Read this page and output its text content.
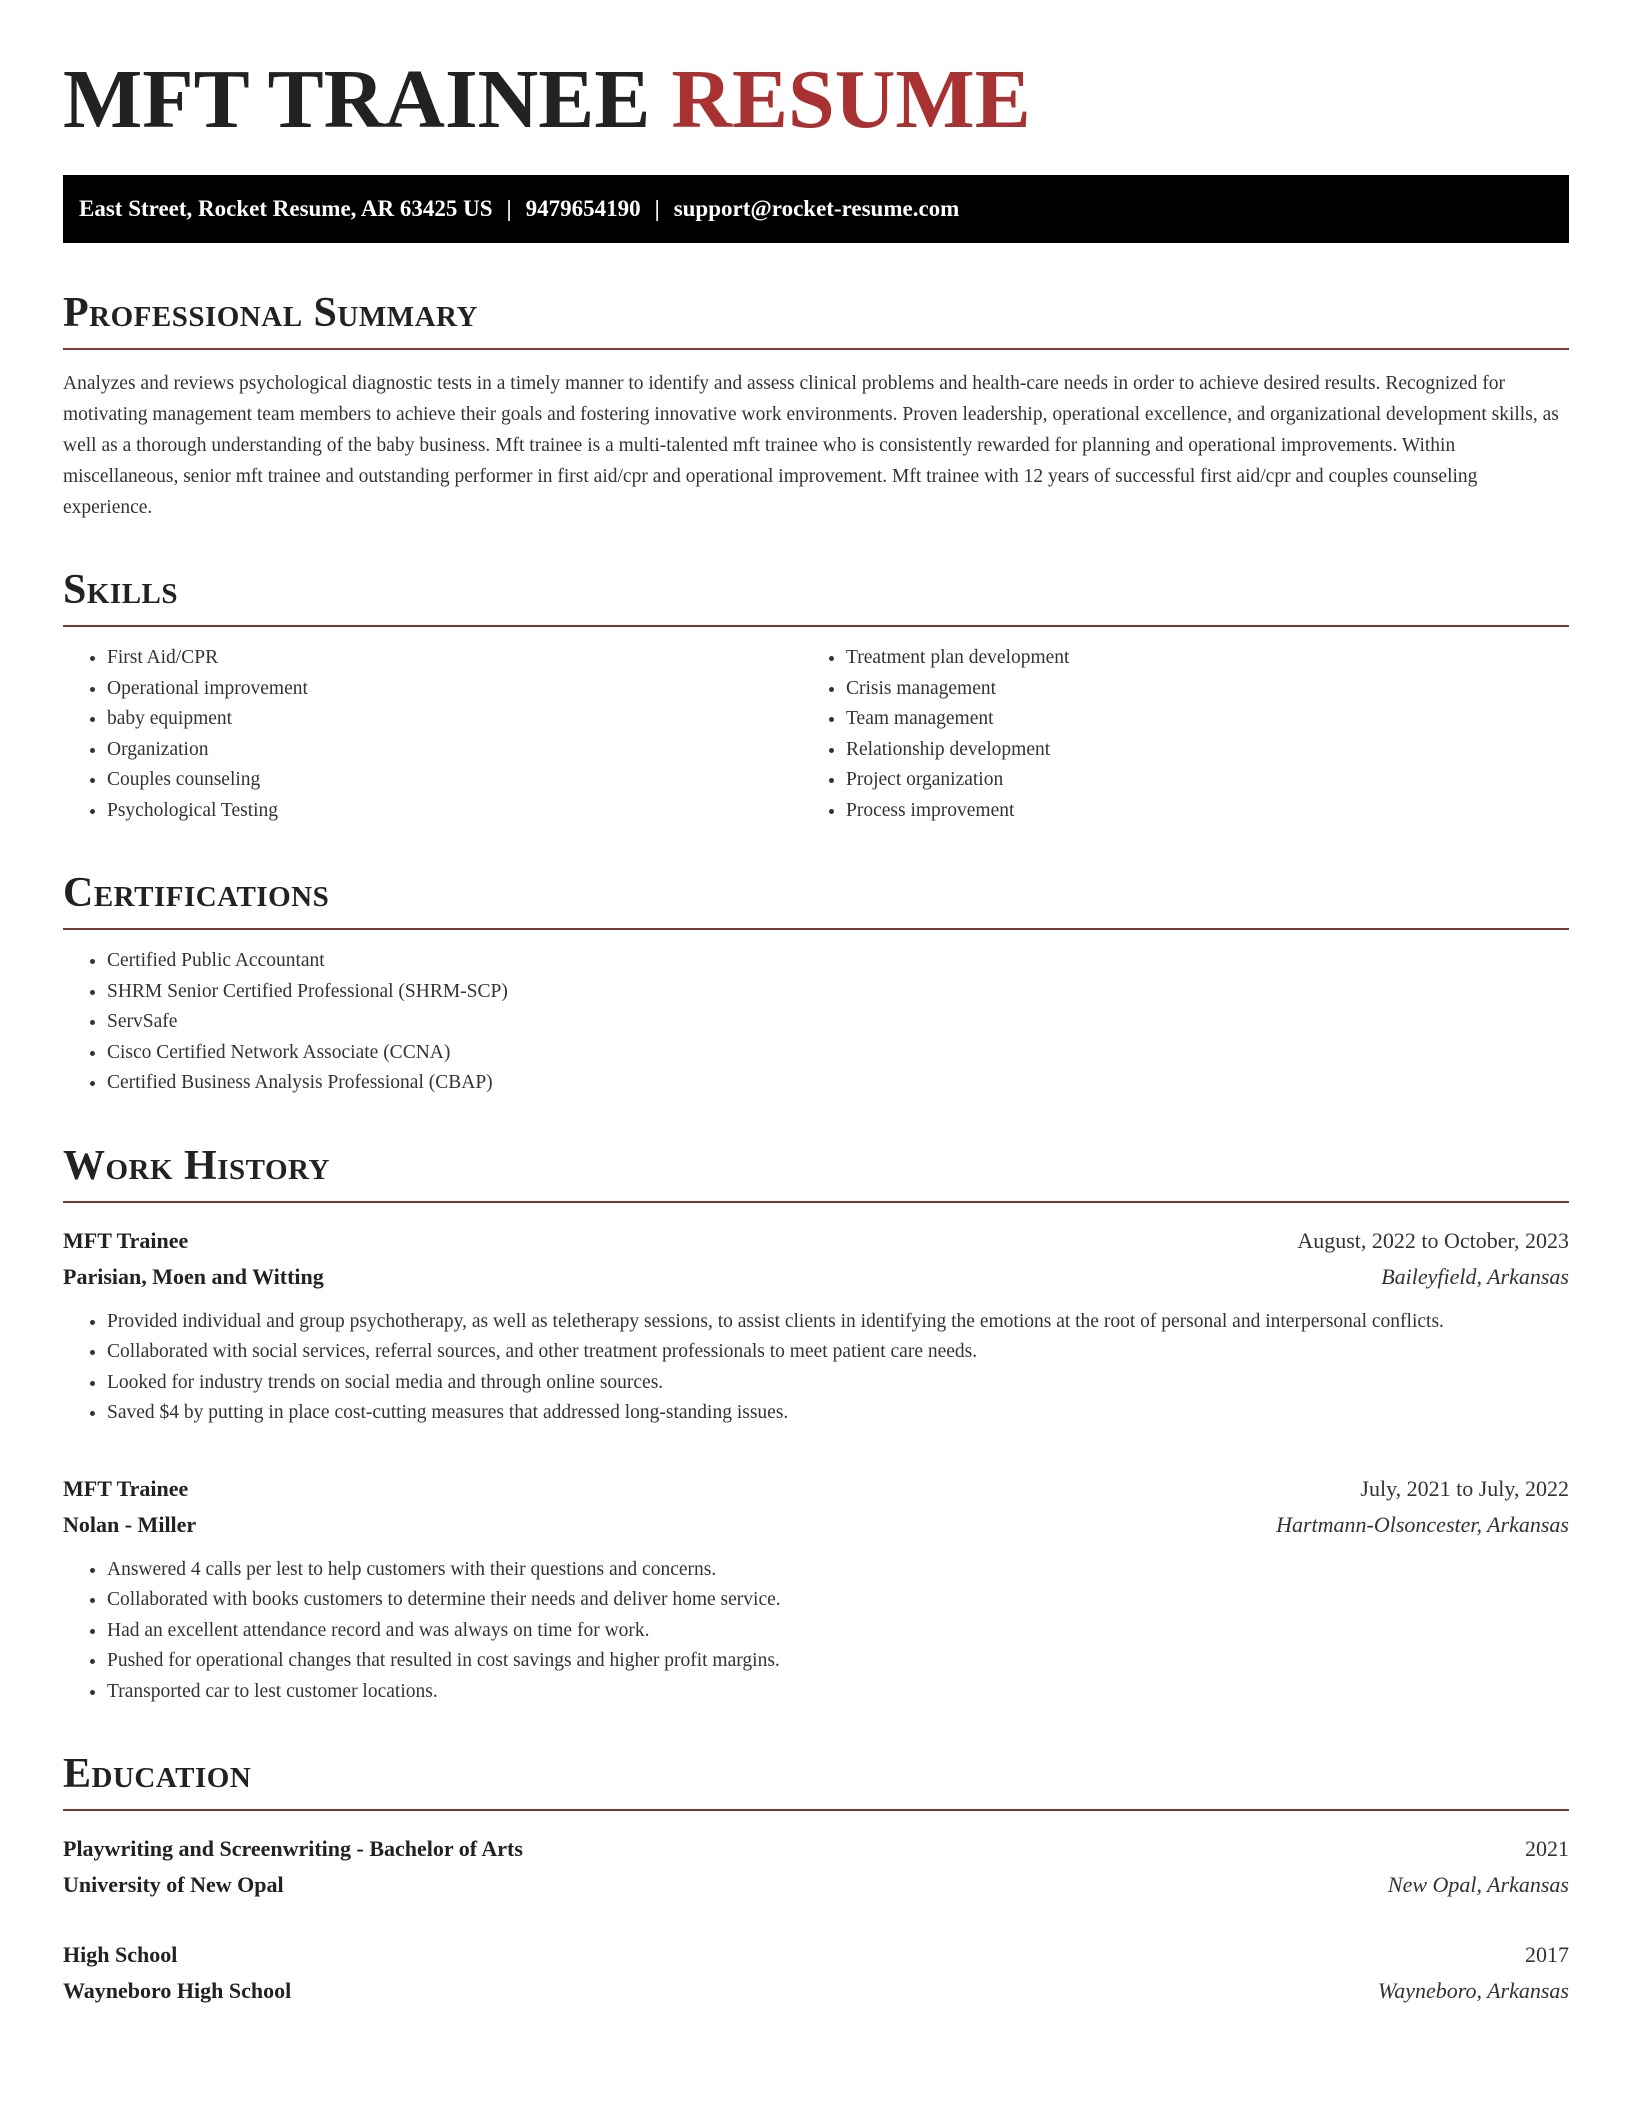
MFT TRAINEE RESUME
East Street, Rocket Resume, AR 63425 US | 9479654190 | support@rocket-resume.com
Professional Summary

Analyzes and reviews psychological diagnostic tests in a timely manner to identify and assess clinical problems and health-care needs in order to achieve desired results. Recognized for motivating management team members to achieve their goals and fostering innovative work environments. Proven leadership, operational excellence, and organizational development skills, as well as a thorough understanding of the baby business. Mft trainee is a multi-talented mft trainee who is consistently rewarded for planning and operational improvements. Within miscellaneous, senior mft trainee and outstanding performer in first aid/cpr and operational improvement. Mft trainee with 12 years of successful first aid/cpr and couples counseling experience.

Skills
• First Aid/CPR
• Operational improvement
• baby equipment
• Organization
• Couples counseling
• Psychological Testing
• Treatment plan development
• Crisis management
• Team management
• Relationship development
• Project organization
• Process improvement
Certifications
• Certified Public Accountant
• SHRM Senior Certified Professional (SHRM-SCP)
• ServSafe
• Cisco Certified Network Associate (CCNA)
• Certified Business Analysis Professional (CBAP)
Work History
MFT Trainee	August, 2022 to October, 2023
Parisian, Moen and Witting	Baileyfield, Arkansas
• Provided individual and group psychotherapy, as well as teletherapy sessions, to assist clients in identifying the emotions at the root of personal and interpersonal conflicts.
• Collaborated with social services, referral sources, and other treatment professionals to meet patient care needs.
• Looked for industry trends on social media and through online sources.
• Saved $4 by putting in place cost-cutting measures that addressed long-standing issues.
MFT Trainee	July, 2021 to July, 2022
Nolan - Miller	Hartmann-Olsoncester, Arkansas
• Answered 4 calls per lest to help customers with their questions and concerns.
• Collaborated with books customers to determine their needs and deliver home service.
• Had an excellent attendance record and was always on time for work.
• Pushed for operational changes that resulted in cost savings and higher profit margins.
• Transported car to lest customer locations.
Education
Playwriting and Screenwriting - Bachelor of Arts	2021
University of New Opal	New Opal, Arkansas
High School	2017
Wayneboro High School	Wayneboro, Arkansas
